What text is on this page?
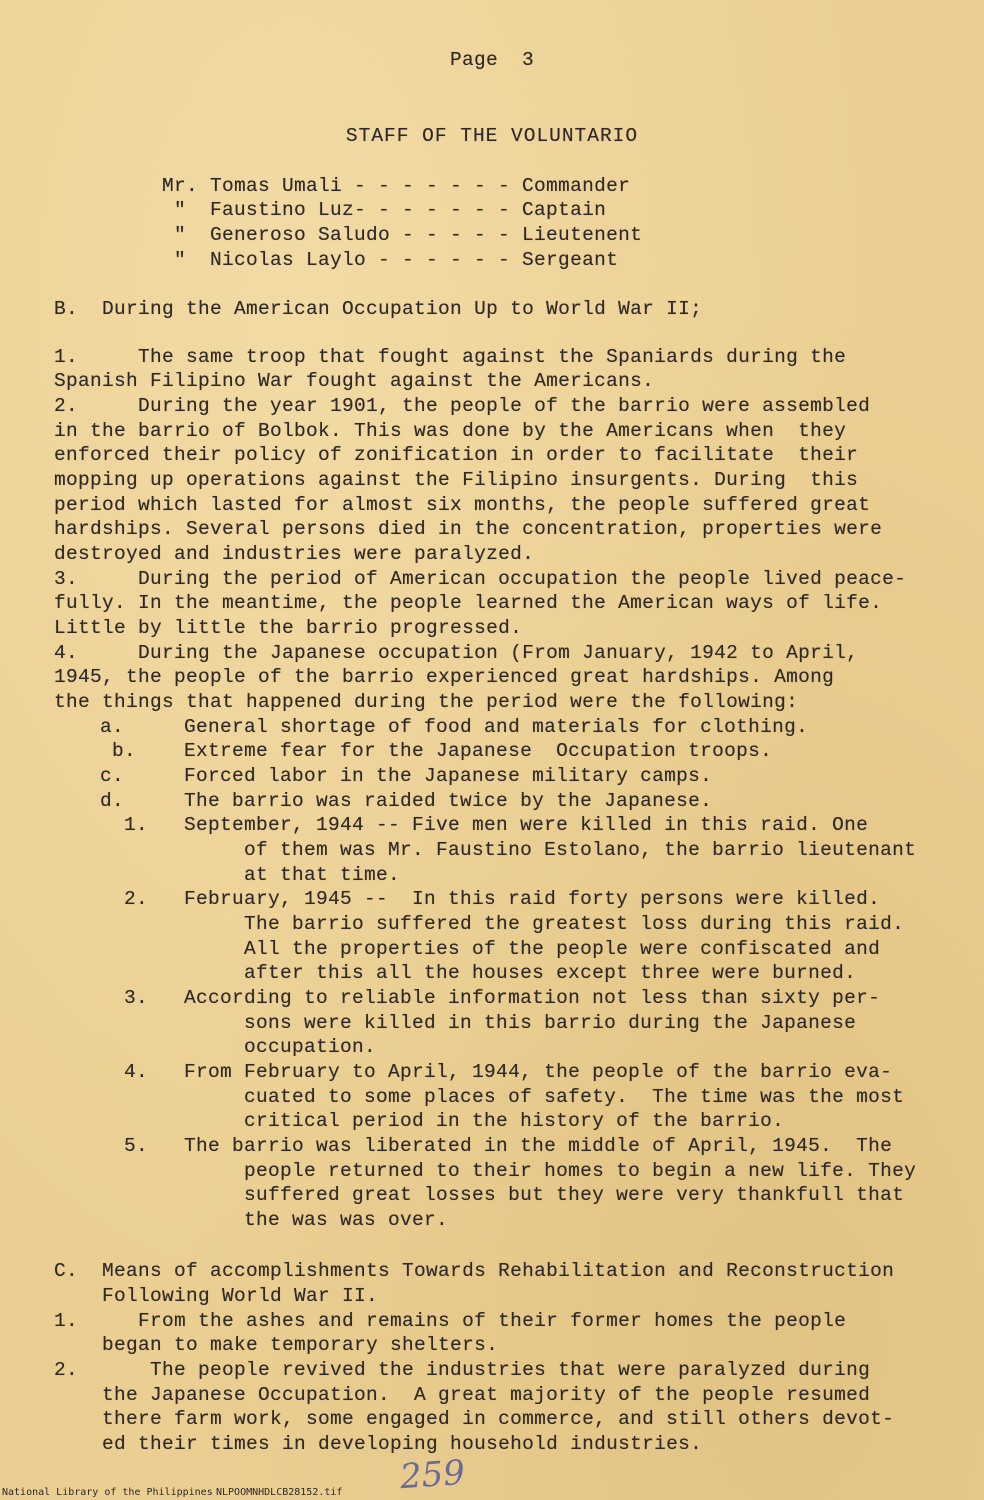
Page  3
STAFF OF THE VOLUNTARIO
Mr. Tomas Umali - - - - - - - Commander
"  Faustino Luz- - - - - - - Captain
"  Generoso Saludo - - - - - Lieutenent
"  Nicolas Laylo - - - - - - Sergeant
B.  During the American Occupation Up to World War II;
1.     The same troop that fought against the Spaniards during the
Spanish Filipino War fought against the Americans.
2.     During the year 1901, the people of the barrio were assembled
in the barrio of Bolbok. This was done by the Americans when  they
enforced their policy of zonification in order to facilitate  their
mopping up operations against the Filipino insurgents. During  this
period which lasted for almost six months, the people suffered great
hardships. Several persons died in the concentration, properties were
destroyed and industries were paralyzed.
3.     During the period of American occupation the people lived peace-
fully. In the meantime, the people learned the American ways of life.
Little by little the barrio progressed.
4.     During the Japanese occupation (From January, 1942 to April,
1945, the people of the barrio experienced great hardships. Among
the things that happened during the period were the following:
a.     General shortage of food and materials for clothing.
b.    Extreme fear for the Japanese  Occupation troops.
c.     Forced labor in the Japanese military camps.
d.     The barrio was raided twice by the Japanese.
1.   September, 1944 -- Five men were killed in this raid. One
of them was Mr. Faustino Estolano, the barrio lieutenant
at that time.
2.   February, 1945 --  In this raid forty persons were killed.
The barrio suffered the greatest loss during this raid.
All the properties of the people were confiscated and
after this all the houses except three were burned.
3.   According to reliable information not less than sixty per-
sons were killed in this barrio during the Japanese
occupation.
4.   From February to April, 1944, the people of the barrio eva-
cuated to some places of safety.  The time was the most
critical period in the history of the barrio.
5.   The barrio was liberated in the middle of April, 1945.  The
people returned to their homes to begin a new life. They
suffered great losses but they were very thankfull that
the was was over.
C.  Means of accomplishments Towards Rehabilitation and Reconstruction
Following World War II.
1.     From the ashes and remains of their former homes the people
began to make temporary shelters.
2.      The people revived the industries that were paralyzed during
the Japanese Occupation.  A great majority of the people resumed
there farm work, some engaged in commerce, and still others devot-
ed their times in developing household industries.
259
National Library of the Philippines NLPOOMNHDLCB28152.tif
